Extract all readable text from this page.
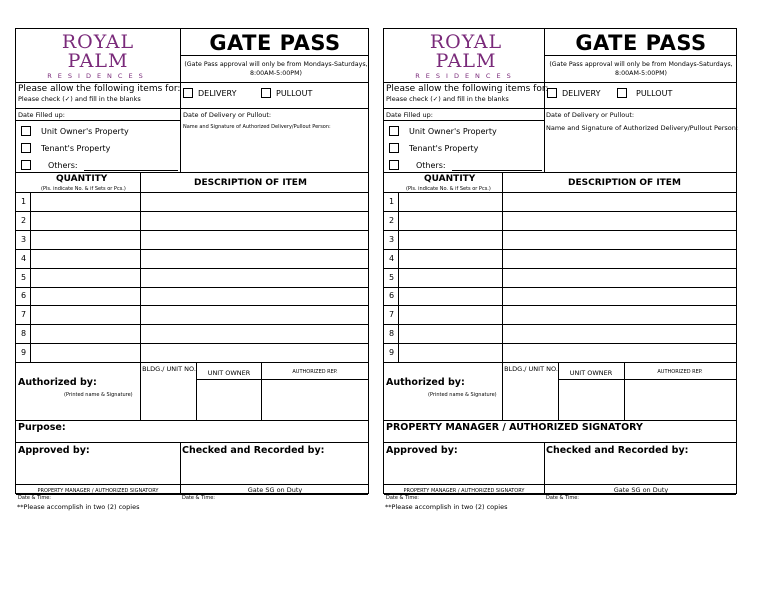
ROYAL
PALM
RESIDENCES
GATE PASS
(Gate Pass approval will only be from Mondays-Saturdays, 8:00AM-5:00PM)
Please allow the following items for:
Please check (✓) and fill in the blanks
DELIVERY	PULLOUT
Date Filled up:	Date of Delivery or Pullout:
Name and Signature of Authorized Delivery/Pullout Person:
Unit Owner's Property
Tenant's Property
Others:
QUANTITY
(Pls. indicate No. & if Sets or Pcs.)
DESCRIPTION OF ITEM
1
2
3
4
5
6
7
8
9
Authorized by:
(Printed name & Signature)
BLDG./ UNIT NO.	UNIT OWNER	AUTHORIZED REP.
Purpose:
Approved by:	Checked and Recorded by:
PROPERTY MANAGER / AUTHORIZED SIGNATORY	Gate SG on Duty
Date & Time:	Date & Time:
**Please accomplish in two (2) copies
ROYAL
PALM
RESIDENCES
GATE PASS
(Gate Pass approval will only be from Mondays-Saturdays, 8:00AM-5:00PM)
Please allow the following items for:
Please check (✓) and fill in the blanks
DELIVERY	PULLOUT
Date Filled up:	Date of Delivery or Pullout:
Name and Signature of Authorized Delivery/Pullout Person:
Unit Owner's Property
Tenant's Property
Others:
QUANTITY
(Pls. indicate No. & if Sets or Pcs.)
DESCRIPTION OF ITEM
1
2
3
4
5
6
7
8
9
Authorized by:
(Printed name & Signature)
BLDG./ UNIT NO.	UNIT OWNER	AUTHORIZED REP.
PROPERTY MANAGER / AUTHORIZED SIGNATORY
Approved by:	Checked and Recorded by:
PROPERTY MANAGER / AUTHORIZED SIGNATORY	Gate SG on Duty
Date & Time:	Date & Time:
**Please accomplish in two (2) copies
